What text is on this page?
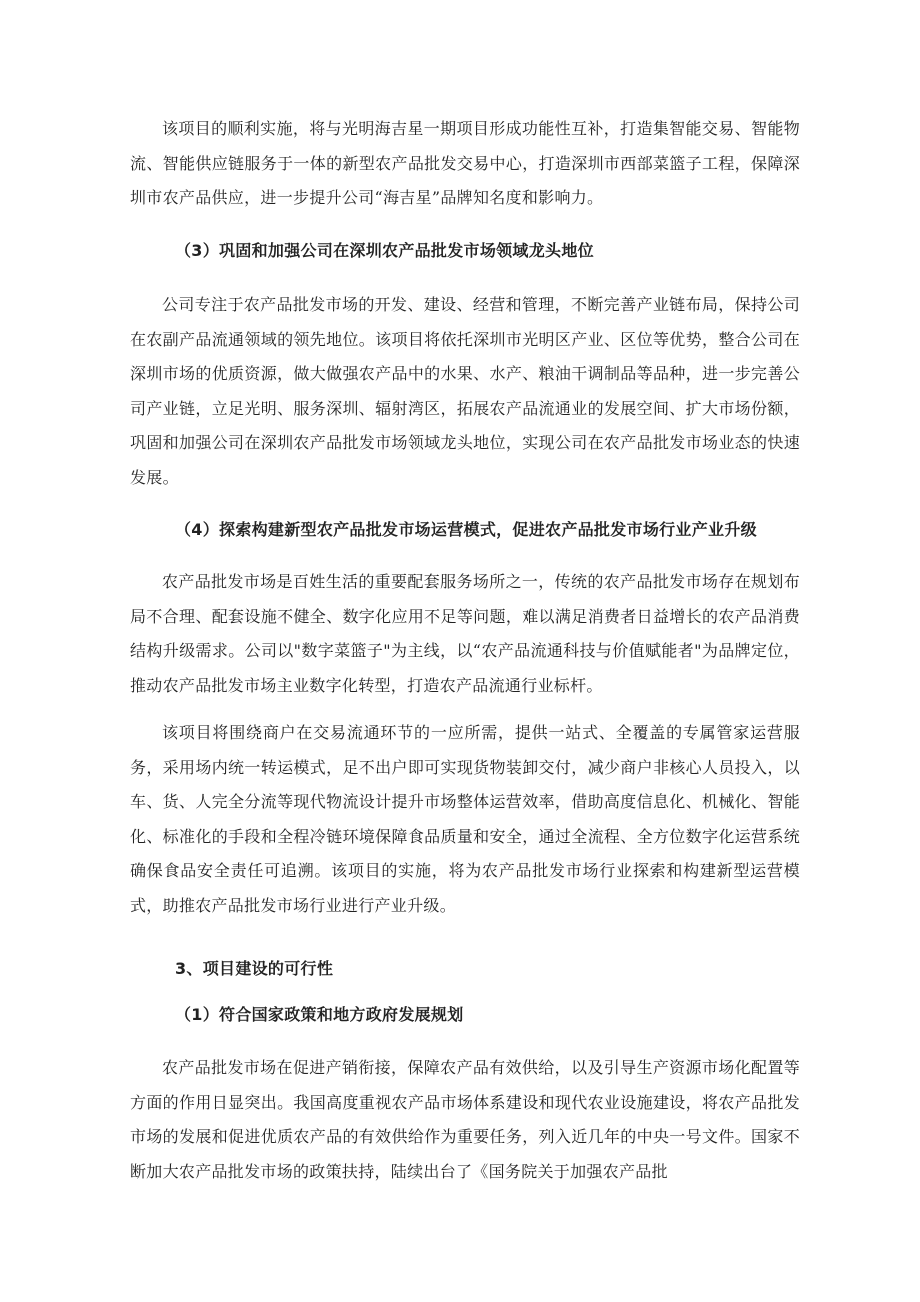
该项目的顺利实施，将与光明海吉星一期项目形成功能性互补，打造集智能交易、智能物流、智能供应链服务于一体的新型农产品批发交易中心，打造深圳市西部菜篮子工程，保障深圳市农产品供应，进一步提升公司“海吉星”品牌知名度和影响力。

（3）巩固和加强公司在深圳农产品批发市场领域龙头地位

公司专注于农产品批发市场的开发、建设、经营和管理，不断完善产业链布局，保持公司在农副产品流通领域的领先地位。该项目将依托深圳市光明区产业、区位等优势，整合公司在深圳市场的优质资源，做大做强农产品中的水果、水产、粮油干调制品等品种，进一步完善公司产业链，立足光明、服务深圳、辐射湾区，拓展农产品流通业的发展空间、扩大市场份额，巩固和加强公司在深圳农产品批发市场领域龙头地位，实现公司在农产品批发市场业态的快速发展。

（4）探索构建新型农产品批发市场运营模式，促进农产品批发市场行业产业升级

农产品批发市场是百姓生活的重要配套服务场所之一，传统的农产品批发市场存在规划布局不合理、配套设施不健全、数字化应用不足等问题，难以满足消费者日益增长的农产品消费结构升级需求。公司以"数字菜篮子"为主线，以“农产品流通科技与价值赋能者"为品牌定位，推动农产品批发市场主业数字化转型，打造农产品流通行业标杆。

该项目将围绕商户在交易流通环节的一应所需，提供一站式、全覆盖的专属管家运营服务，采用场内统一转运模式，足不出户即可实现货物装卸交付，减少商户非核心人员投入，以车、货、人完全分流等现代物流设计提升市场整体运营效率，借助高度信息化、机械化、智能化、标准化的手段和全程冷链环境保障食品质量和安全，通过全流程、全方位数字化运营系统确保食品安全责任可追溯。该项目的实施，将为农产品批发市场行业探索和构建新型运营模式，助推农产品批发市场行业进行产业升级。

3、项目建设的可行性
（1）符合国家政策和地方政府发展规划

农产品批发市场在促进产销衔接，保障农产品有效供给，以及引导生产资源市场化配置等方面的作用日显突出。我国高度重视农产品市场体系建设和现代农业设施建设，将农产品批发市场的发展和促进优质农产品的有效供给作为重要任务，列入近几年的中央一号文件。国家不断加大农产品批发市场的政策扶持，陆续出台了《国务院关于加强农产品批
